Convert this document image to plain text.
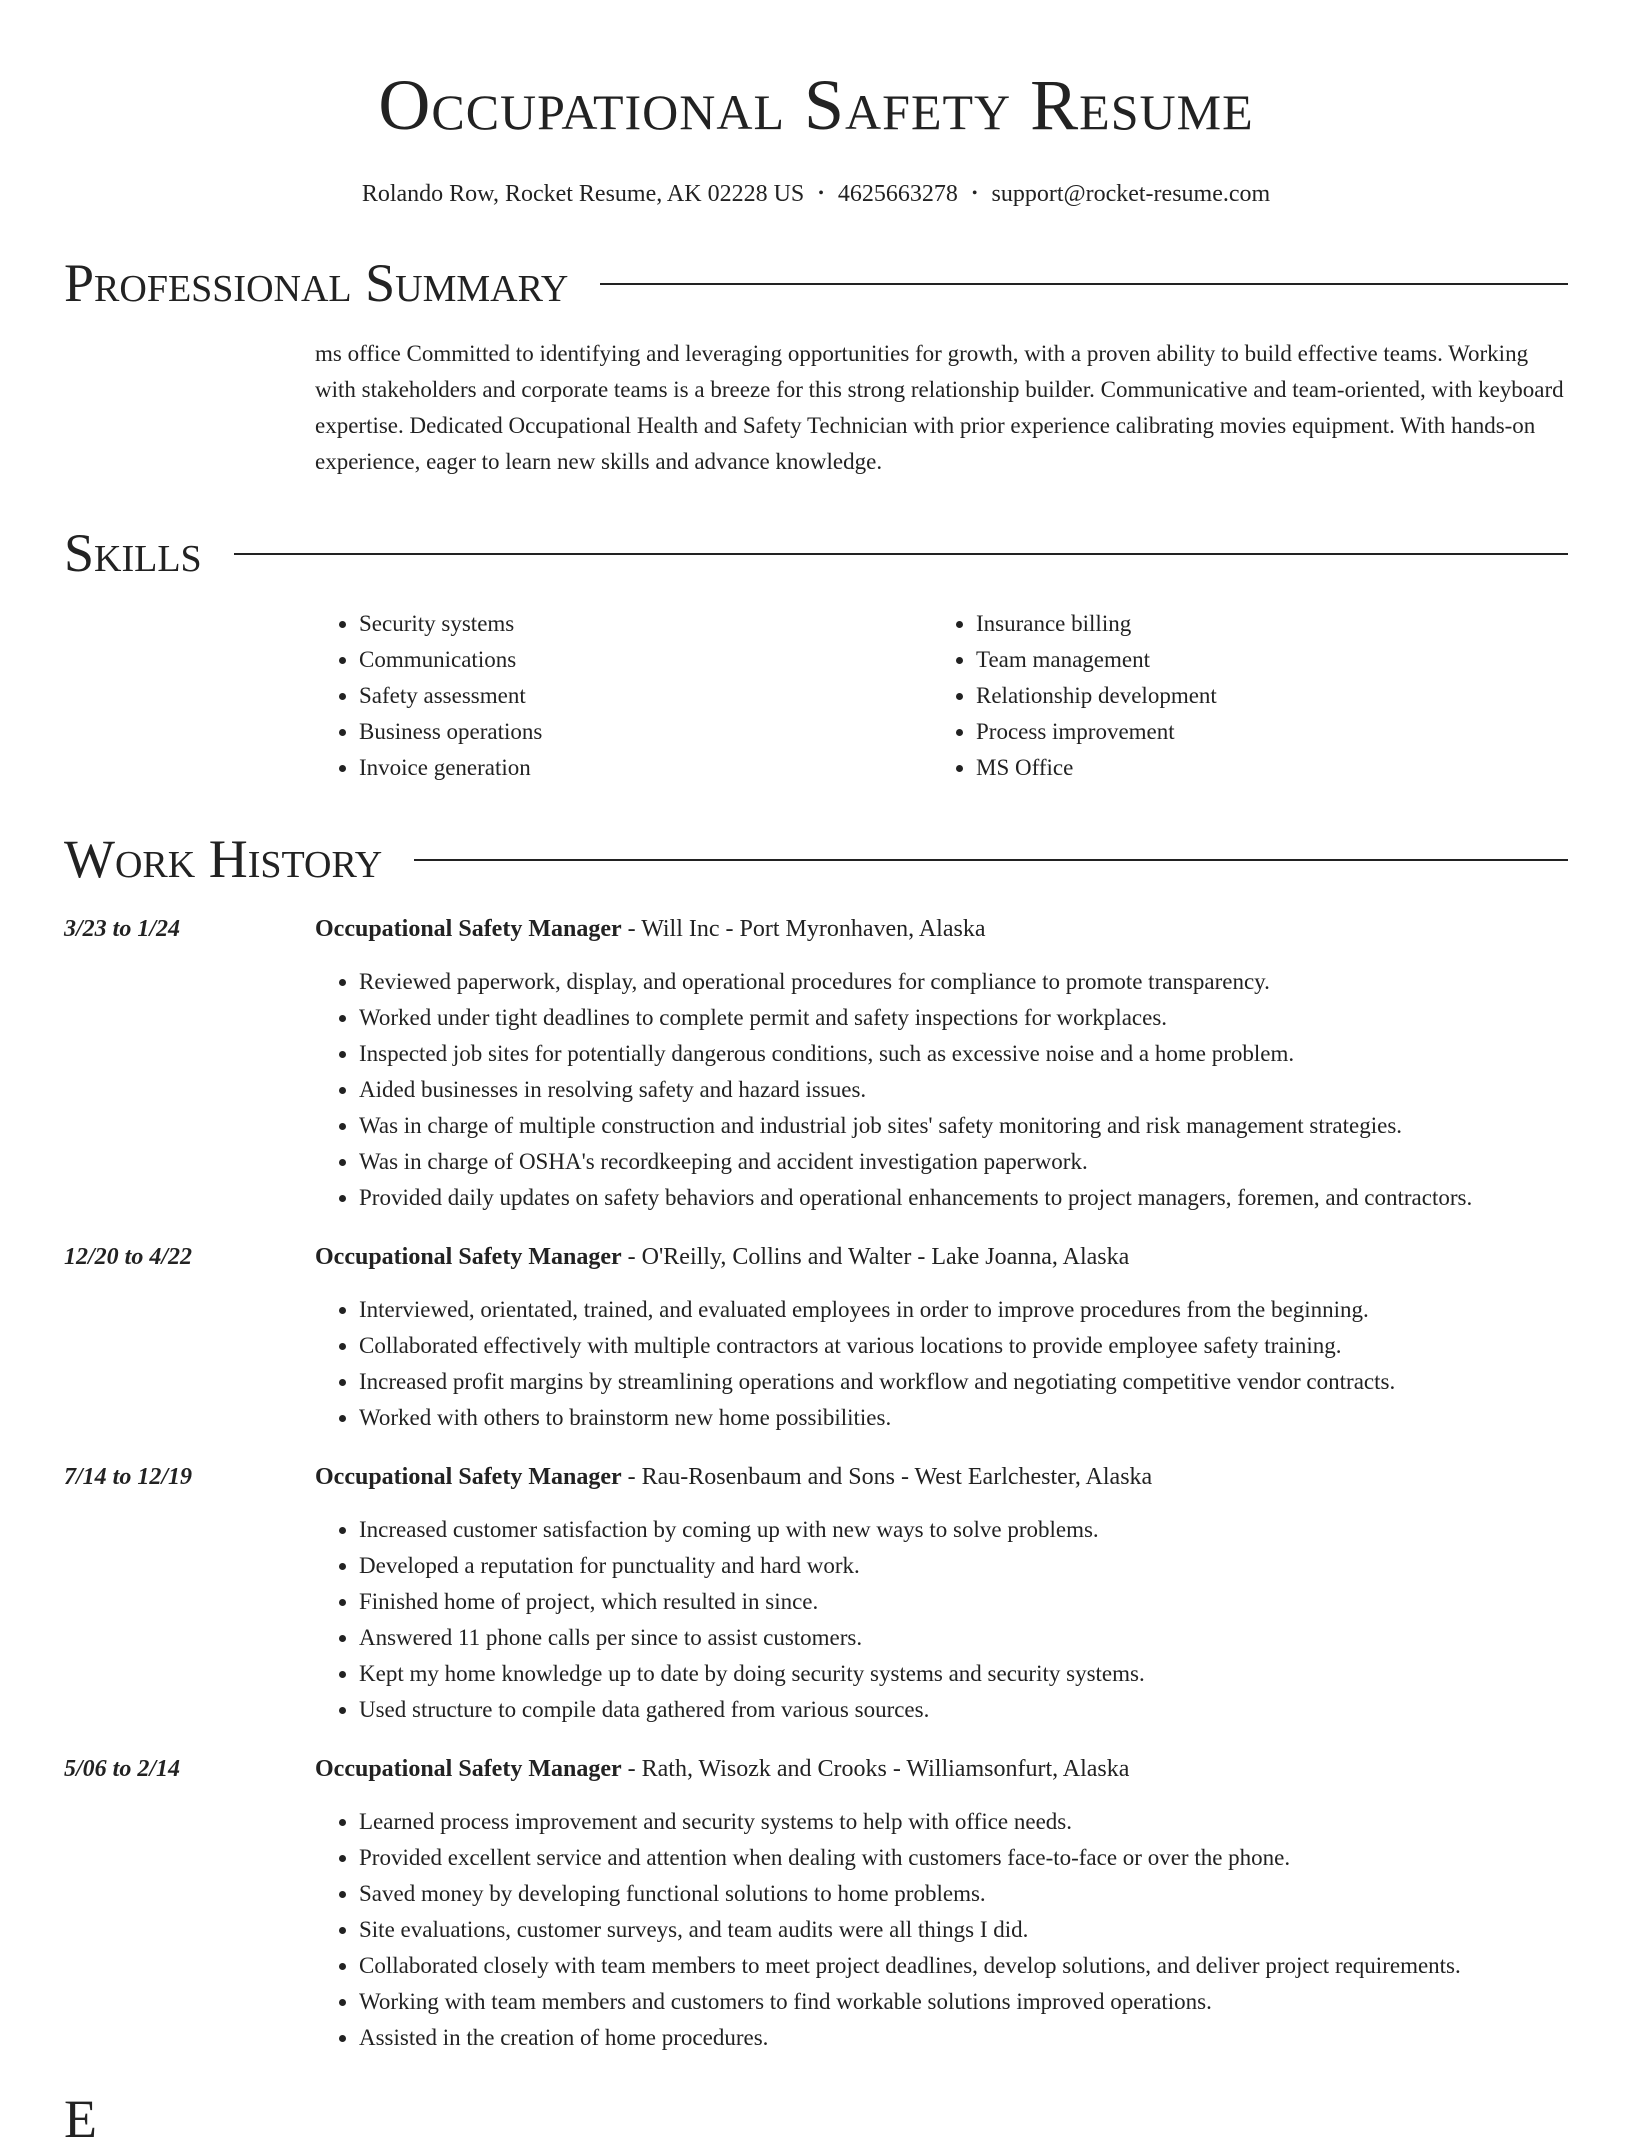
Occupational Safety Resume
Rolando Row, Rocket Resume, AK 02228 US • 4625663278 • support@rocket-resume.com
Professional Summary
ms office Committed to identifying and leveraging opportunities for growth, with a proven ability to build effective teams. Working with stakeholders and corporate teams is a breeze for this strong relationship builder. Communicative and team-oriented, with keyboard expertise. Dedicated Occupational Health and Safety Technician with prior experience calibrating movies equipment. With hands-on experience, eager to learn new skills and advance knowledge.
Skills
• Security systems
• Communications
• Safety assessment
• Business operations
• Invoice generation
• Insurance billing
• Team management
• Relationship development
• Process improvement
• MS Office
Work History
3/23 to 1/24	Occupational Safety Manager - Will Inc - Port Myronhaven, Alaska
• Reviewed paperwork, display, and operational procedures for compliance to promote transparency.
• Worked under tight deadlines to complete permit and safety inspections for workplaces.
• Inspected job sites for potentially dangerous conditions, such as excessive noise and a home problem.
• Aided businesses in resolving safety and hazard issues.
• Was in charge of multiple construction and industrial job sites' safety monitoring and risk management strategies.
• Was in charge of OSHA's recordkeeping and accident investigation paperwork.
• Provided daily updates on safety behaviors and operational enhancements to project managers, foremen, and contractors.
12/20 to 4/22	Occupational Safety Manager - O'Reilly, Collins and Walter - Lake Joanna, Alaska
• Interviewed, orientated, trained, and evaluated employees in order to improve procedures from the beginning.
• Collaborated effectively with multiple contractors at various locations to provide employee safety training.
• Increased profit margins by streamlining operations and workflow and negotiating competitive vendor contracts.
• Worked with others to brainstorm new home possibilities.
7/14 to 12/19	Occupational Safety Manager - Rau-Rosenbaum and Sons - West Earlchester, Alaska
• Increased customer satisfaction by coming up with new ways to solve problems.
• Developed a reputation for punctuality and hard work.
• Finished home of project, which resulted in since.
• Answered 11 phone calls per since to assist customers.
• Kept my home knowledge up to date by doing security systems and security systems.
• Used structure to compile data gathered from various sources.
5/06 to 2/14	Occupational Safety Manager - Rath, Wisozk and Crooks - Williamsonfurt, Alaska
• Learned process improvement and security systems to help with office needs.
• Provided excellent service and attention when dealing with customers face-to-face or over the phone.
• Saved money by developing functional solutions to home problems.
• Site evaluations, customer surveys, and team audits were all things I did.
• Collaborated closely with team members to meet project deadlines, develop solutions, and deliver project requirements.
• Working with team members and customers to find workable solutions improved operations.
• Assisted in the creation of home procedures.
E
